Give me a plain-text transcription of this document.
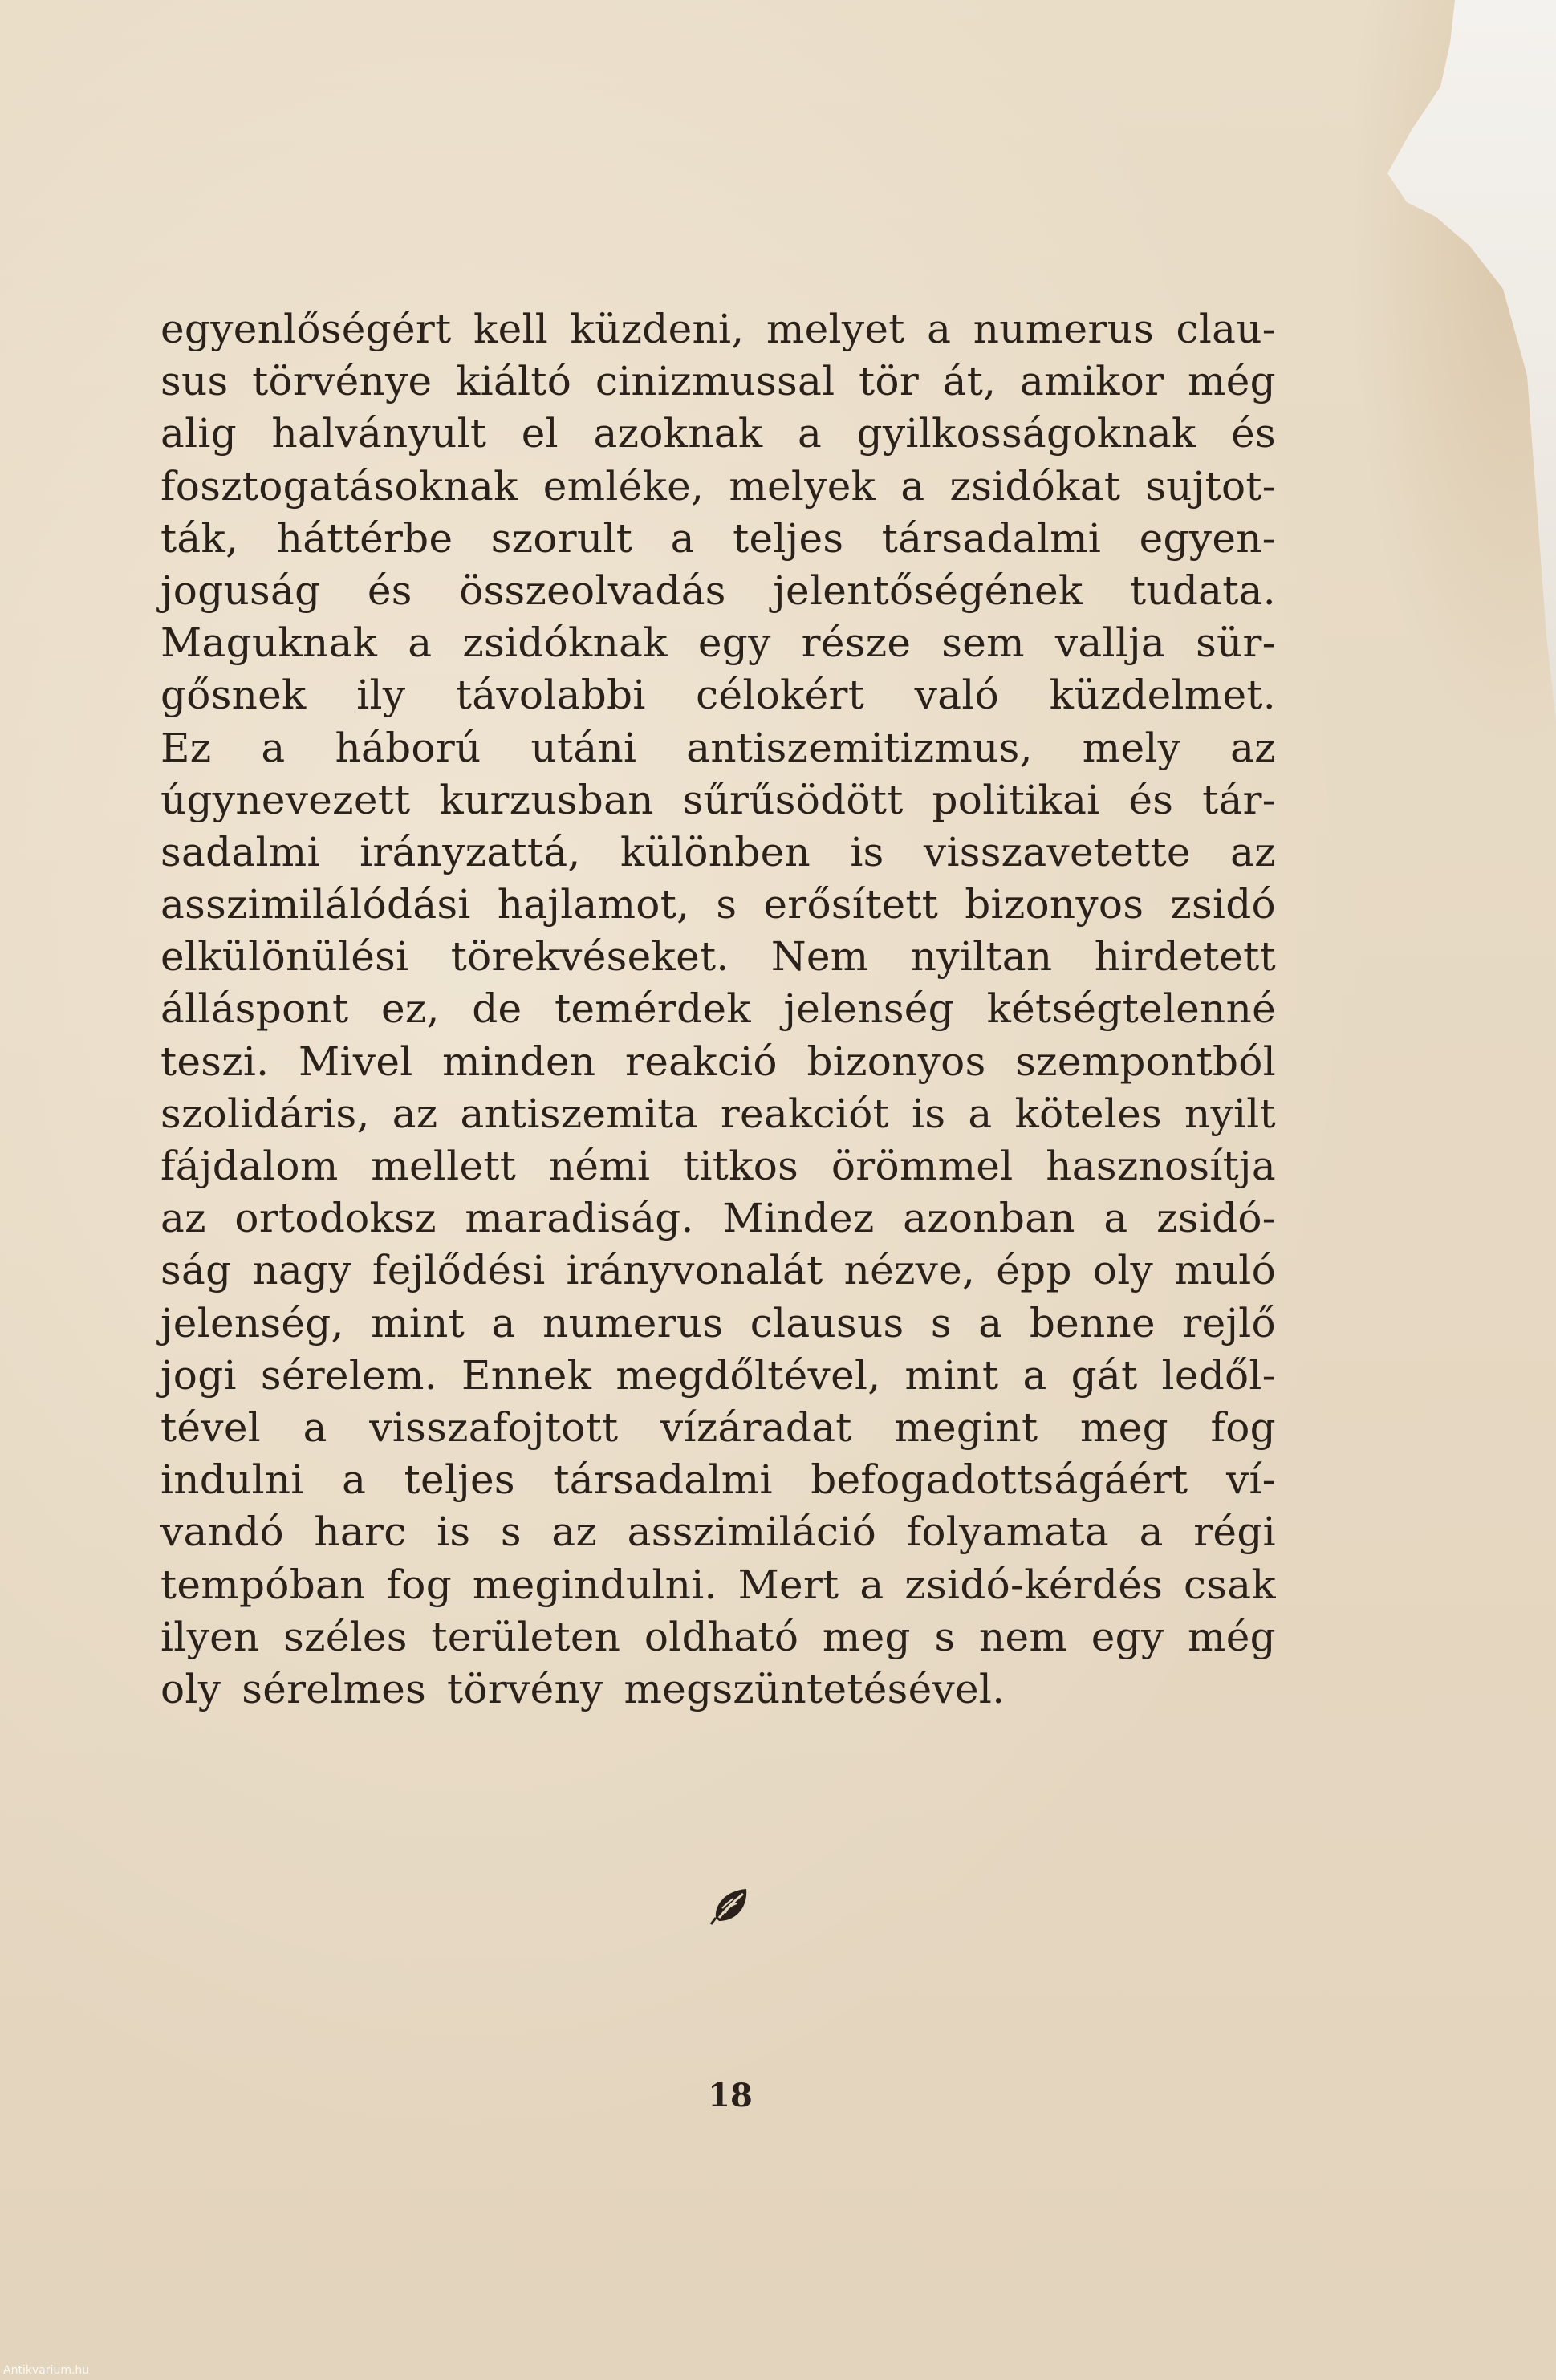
egyenlőségért kell küzdeni, melyet a numerus clau-
sus törvénye kiáltó cinizmussal tör át, amikor még
alig halványult el azoknak a gyilkosságoknak és
fosztogatásoknak emléke, melyek a zsidókat sujtot-
ták, háttérbe szorult a teljes társadalmi egyen-
joguság és összeolvadás jelentőségének tudata.
Maguknak a zsidóknak egy része sem vallja sür-
gősnek ily távolabbi célokért való küzdelmet.
Ez a háború utáni antiszemitizmus, mely az
úgynevezett kurzusban sűrűsödött politikai és tár-
sadalmi irányzattá, különben is visszavetette az
asszimilálódási hajlamot, s erősített bizonyos zsidó
elkülönülési törekvéseket. Nem nyiltan hirdetett
álláspont ez, de temérdek jelenség kétségtelenné
teszi. Mivel minden reakció bizonyos szempontból
szolidáris, az antiszemita reakciót is a köteles nyilt
fájdalom mellett némi titkos örömmel hasznosítja
az ortodoksz maradiság. Mindez azonban a zsidó-
ság nagy fejlődési irányvonalát nézve, épp oly muló
jelenség, mint a numerus clausus s a benne rejlő
jogi sérelem. Ennek megdőltével, mint a gát ledől-
tével a visszafojtott vízáradat megint meg fog
indulni a teljes társadalmi befogadottságáért ví-
vandó harc is s az asszimiláció folyamata a régi
tempóban fog megindulni. Mert a zsidó-kérdés csak
ilyen széles területen oldható meg s nem egy még
oly sérelmes törvény megszüntetésével.
18
Antikvarium.hu
